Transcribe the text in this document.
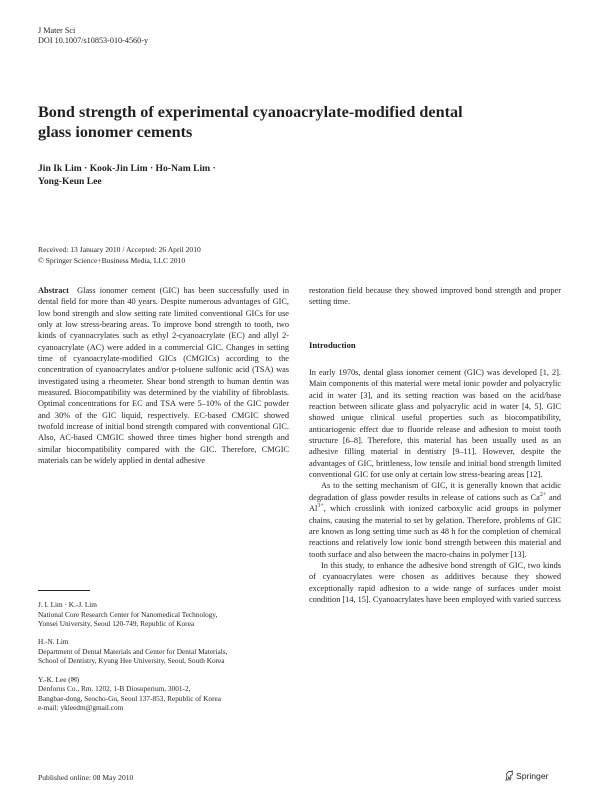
J Mater Sci
DOI 10.1007/s10853-010-4560-y
Bond strength of experimental cyanoacrylate-modified dental
glass ionomer cements
Jin Ik Lim · Kook-Jin Lim · Ho-Nam Lim ·
Yong-Keun Lee
Received: 13 January 2010 / Accepted: 26 April 2010
© Springer Science+Business Media, LLC 2010

Abstract Glass ionomer cement (GIC) has been successfully used in dental field for more than 40 years. Despite numerous advantages of GIC, low bond strength and slow setting rate limited conventional GICs for use only at low stress-bearing areas. To improve bond strength to tooth, two kinds of cyanoacrylates such as ethyl 2-cyanoacrylate (EC) and allyl 2-cyanoacrylate (AC) were added in a commercial GIC. Changes in setting time of cyanoacrylate-modified GICs (CMGICs) according to the concentration of cyanoacrylates and/or p-toluene sulfonic acid (TSA) was investigated using a rheometer. Shear bond strength to human dentin was measured. Biocompatibility was determined by the viability of fibroblasts. Optimal concentrations for EC and TSA were 5–10% of the GIC powder and 30% of the GIC liquid, respectively. EC-based CMGIC showed twofold increase of initial bond strength compared with conventional GIC. Also, AC-based CMGIC showed three times higher bond strength and similar biocompatibility compared with the GIC. Therefore, CMGIC materials can be widely applied in dental adhesive

restoration field because they showed improved bond strength and proper setting time.

Introduction

In early 1970s, dental glass ionomer cement (GIC) was developed [1, 2]. Main components of this material were metal ionic powder and polyacrylic acid in water [3], and its setting reaction was based on the acid/base reaction between silicate glass and polyacrylic acid in water [4, 5]. GIC showed unique clinical useful properties such as biocompatibility, anticariogenic effect due to fluoride release and adhesion to moist tooth structure [6–8]. Therefore, this material has been usually used as an adhesive filling material in dentistry [9–11]. However, despite the advantages of GIC, brittleness, low tensile and initial bond strength limited conventional GIC for use only at certain low stress-bearing areas [12].

As to the setting mechanism of GIC, it is generally known that acidic degradation of glass powder results in release of cations such as $Ca^{2+}$ and $Al^{3+}$, which crosslink with ionized carboxylic acid groups in polymer chains, causing the material to set by gelation. Therefore, problems of GIC are known as long setting time such as 48 h for the completion of chemical reactions and relatively low ionic bond strength between this material and tooth surface and also between the macro-chains in polymer [13].

In this study, to enhance the adhesive bond strength of GIC, two kinds of cyanoacrylates were chosen as additives because they showed exceptionally rapid adhesion to a wide range of surfaces under moist condition [14, 15]. Cyanoacrylates have been employed with varied success

J. I. Lim · K.-J. Lim
National Core Research Center for Nanomedical Technology,
Yonsei University, Seoul 120-749, Republic of Korea
H.-N. Lim
Department of Dental Materials and Center for Dental Materials,
School of Dentistry, Kyung Hee University, Seoul, South Korea
Y.-K. Lee (✉)
Denforus Co., Rm. 1202, 1-B Diosuperium, 3001-2,
Bangbae-dong, Seocho-Gu, Seoul 137-853, Republic of Korea
e-mail: ykleedm@gmail.com
Published online: 08 May 2010	Springer
